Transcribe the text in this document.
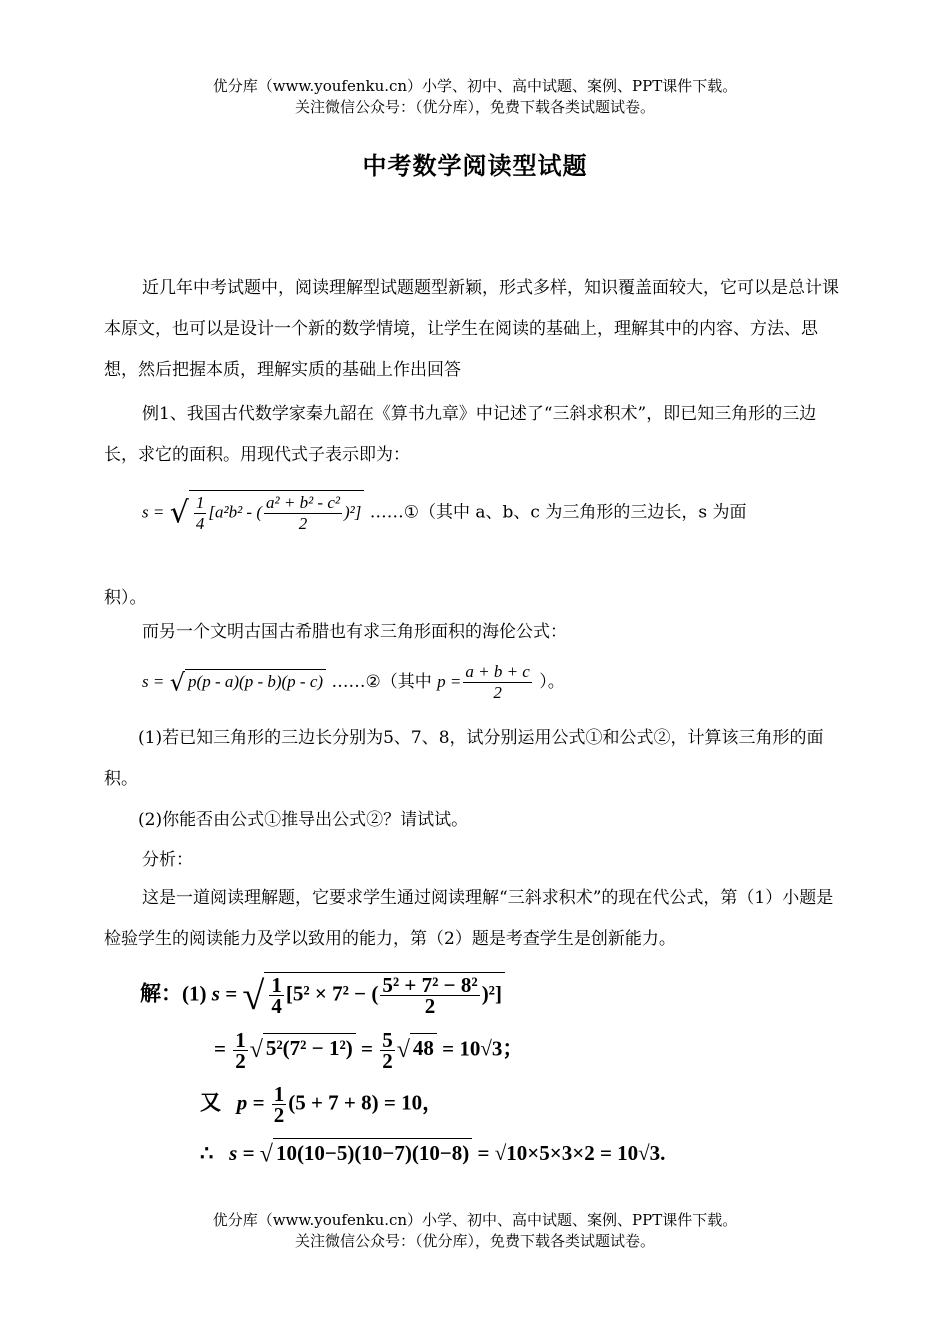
优分库（www.youfenku.cn）小学、初中、高中试题、案例、PPT课件下载。
关注微信公众号：（优分库），免费下载各类试题试卷。
中考数学阅读型试题
近几年中考试题中，阅读理解型试题题型新颖，形式多样，知识覆盖面较大，它可以是总计课本原文，也可以是设计一个新的数学情境，让学生在阅读的基础上，理解其中的内容、方法、思想，然后把握本质，理解实质的基础上作出回答
例1、我国古代数学家秦九韶在《算书九章》中记述了“三斜求积术”，即已知三角形的三边长，求它的面积。用现代式子表示即为：
s = √ $\frac{1}{4} [a^2b^2$ - ( $\frac{\text{a² + b² - c²}}{2} )^2$] ……①（其中 a、b、c 为三角形的三边长，s 为面
积）。
而另一个文明古国古希腊也有求三角形面积的海伦公式：
s = √ p(p - a)(p - b)(p - c) ……②（其中 $p = \frac{a + b + c}{2}$ ）。
(1)若已知三角形的三边长分别为5、7、8，试分别运用公式①和公式②，计算该三角形的面积。
(2)你能否由公式①推导出公式②？请试试。
分析：
这是一道阅读理解题，它要求学生通过阅读理解“三斜求积术”的现在代公式，第（1）小题是检验学生的阅读能力及学以致用的能力，第（2）题是考查学生是创新能力。
解：(1) s = √ $\frac{1}{4} [5^2 \times 7^2$ − ( $\frac{\text{5² + 7² − 8²}}{2} )^2$]
= $\frac{1}{2}$ √ $5^2(7^2 - 1^2) = \frac{5}{2}$ √ 48 = 10√3；
又 $p = \frac{1}{2} (5 + 7 + 8) = 10$，
∴ s = √ 10(10−5)(10−7)(10−8) = √10×5×3×2 = 10√3.
优分库（www.youfenku.cn）小学、初中、高中试题、案例、PPT课件下载。
关注微信公众号：（优分库），免费下载各类试题试卷。
